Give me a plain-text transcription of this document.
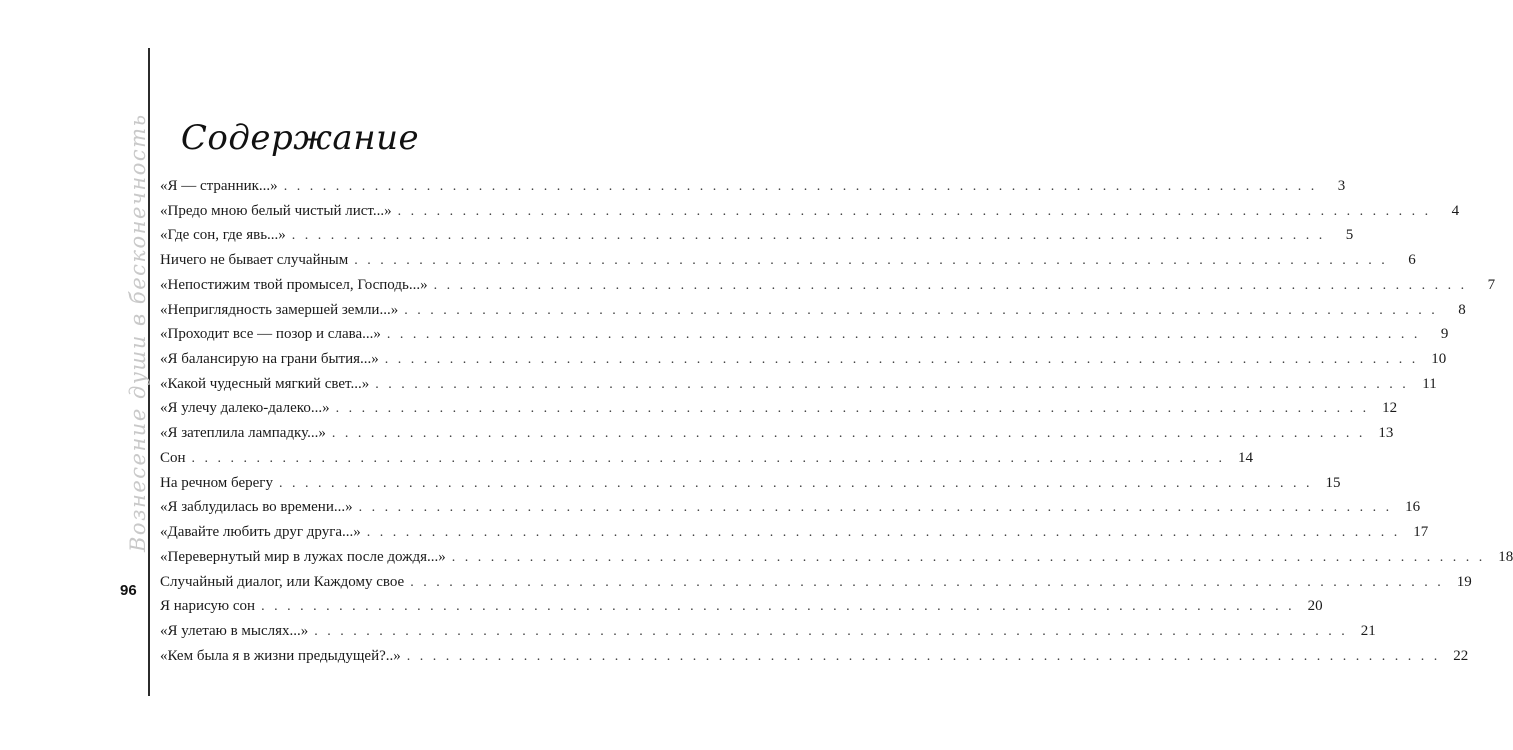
Вознесение души в бесконечность
96
Содержание
«Я — странник...» . . . . . . . . . . . . . . . . . . . . . . . . . . . . . . . . . . . . . . . . . . . . . . . . . . . . . . . . . . . . . . . . . . . . . . . . . . . . . . . .	3
«Предо мною белый чистый лист...» . . . . . . . . . . . . . . . . . . . . . . . . . . . . . . . . . . . . . . . . . . . . . . . . . . . . . . . . . . . . . . . . . . . . . . . . . . . . . . . .	4
«Где сон, где явь...» . . . . . . . . . . . . . . . . . . . . . . . . . . . . . . . . . . . . . . . . . . . . . . . . . . . . . . . . . . . . . . . . . . . . . . . . . . . . . . . .	5
Ничего не бывает случайным . . . . . . . . . . . . . . . . . . . . . . . . . . . . . . . . . . . . . . . . . . . . . . . . . . . . . . . . . . . . . . . . . . . . . . . . . . . . . . . .	6
«Непостижим твой промысел, Господь...» . . . . . . . . . . . . . . . . . . . . . . . . . . . . . . . . . . . . . . . . . . . . . . . . . . . . . . . . . . . . . . . . . . . . . . . . . . . . . . . .	7
«Неприглядность замершей земли...» . . . . . . . . . . . . . . . . . . . . . . . . . . . . . . . . . . . . . . . . . . . . . . . . . . . . . . . . . . . . . . . . . . . . . . . . . . . . . . . .	8
«Проходит все — позор и слава...» . . . . . . . . . . . . . . . . . . . . . . . . . . . . . . . . . . . . . . . . . . . . . . . . . . . . . . . . . . . . . . . . . . . . . . . . . . . . . . . .	9
«Я балансирую на грани бытия...» . . . . . . . . . . . . . . . . . . . . . . . . . . . . . . . . . . . . . . . . . . . . . . . . . . . . . . . . . . . . . . . . . . . . . . . . . . . . . . . . 10
«Какой чудесный мягкий свет...» . . . . . . . . . . . . . . . . . . . . . . . . . . . . . . . . . . . . . . . . . . . . . . . . . . . . . . . . . . . . . . . . . . . . . . . . . . . . . . . . 11
«Я улечу далеко-далеко...» . . . . . . . . . . . . . . . . . . . . . . . . . . . . . . . . . . . . . . . . . . . . . . . . . . . . . . . . . . . . . . . . . . . . . . . . . . . . . . . . 12
«Я затеплила лампадку...» . . . . . . . . . . . . . . . . . . . . . . . . . . . . . . . . . . . . . . . . . . . . . . . . . . . . . . . . . . . . . . . . . . . . . . . . . . . . . . . . 13
Сон . . . . . . . . . . . . . . . . . . . . . . . . . . . . . . . . . . . . . . . . . . . . . . . . . . . . . . . . . . . . . . . . . . . . . . . . . . . . . . . . 14
На речном берегу . . . . . . . . . . . . . . . . . . . . . . . . . . . . . . . . . . . . . . . . . . . . . . . . . . . . . . . . . . . . . . . . . . . . . . . . . . . . . . . . 15
«Я заблудилась во времени...» . . . . . . . . . . . . . . . . . . . . . . . . . . . . . . . . . . . . . . . . . . . . . . . . . . . . . . . . . . . . . . . . . . . . . . . . . . . . . . . . 16
«Давайте любить друг друга...» . . . . . . . . . . . . . . . . . . . . . . . . . . . . . . . . . . . . . . . . . . . . . . . . . . . . . . . . . . . . . . . . . . . . . . . . . . . . . . . . 17
«Перевернутый мир в лужах после дождя...» . . . . . . . . . . . . . . . . . . . . . . . . . . . . . . . . . . . . . . . . . . . . . . . . . . . . . . . . . . . . . . . . . . . . . . . . . . . . . . . . 18
Случайный диалог, или Каждому свое . . . . . . . . . . . . . . . . . . . . . . . . . . . . . . . . . . . . . . . . . . . . . . . . . . . . . . . . . . . . . . . . . . . . . . . . . . . . . . . . 19
Я нарисую сон . . . . . . . . . . . . . . . . . . . . . . . . . . . . . . . . . . . . . . . . . . . . . . . . . . . . . . . . . . . . . . . . . . . . . . . . . . . . . . . . 20
«Я улетаю в мыслях...» . . . . . . . . . . . . . . . . . . . . . . . . . . . . . . . . . . . . . . . . . . . . . . . . . . . . . . . . . . . . . . . . . . . . . . . . . . . . . . . . 21
«Кем была я в жизни предыдущей?..» . . . . . . . . . . . . . . . . . . . . . . . . . . . . . . . . . . . . . . . . . . . . . . . . . . . . . . . . . . . . . . . . . . . . . . . . . . . . . . . . 22
